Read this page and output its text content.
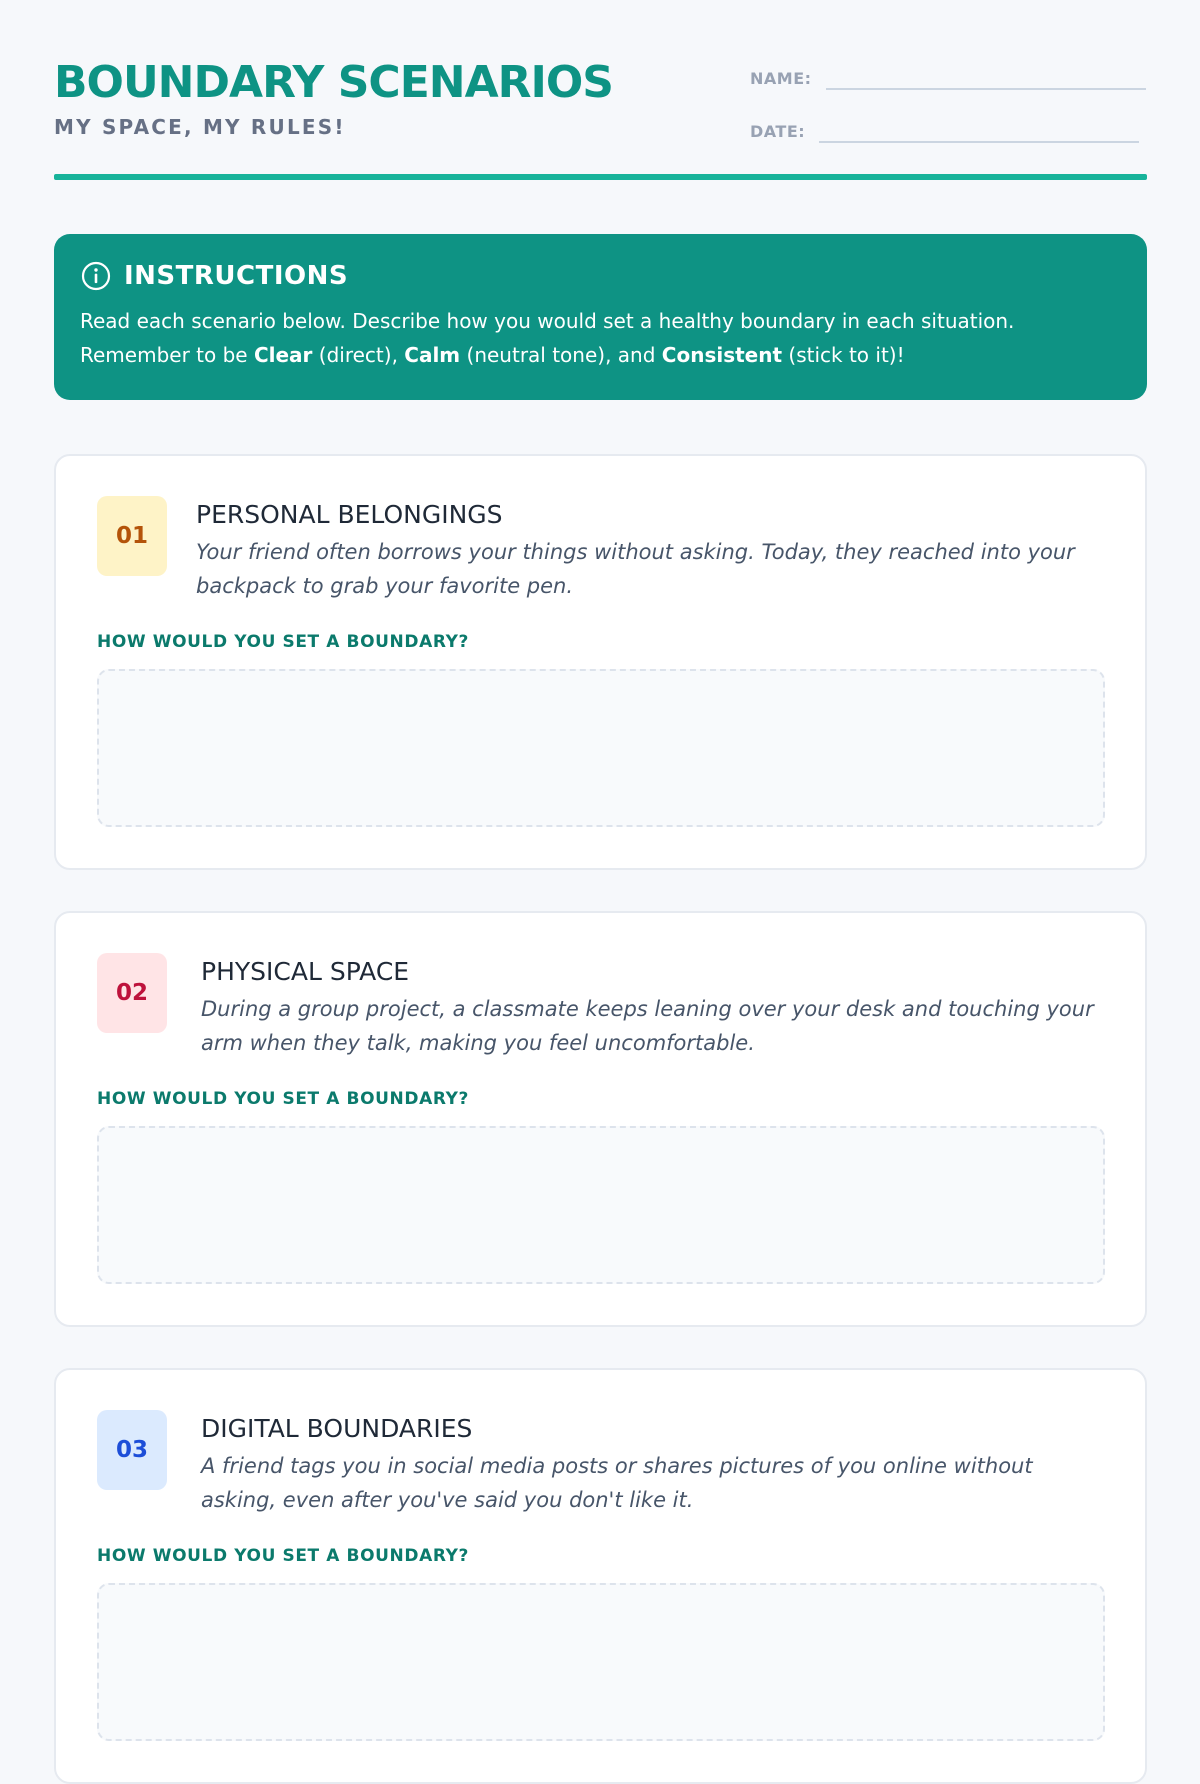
BOUNDARY SCENARIOS
MY SPACE, MY RULES!
NAME:
DATE:
INSTRUCTIONS
Read each scenario below. Describe how you would set a healthy boundary in each situation.
Remember to be Clear (direct), Calm (neutral tone), and Consistent (stick to it)!
01
PERSONAL BELONGINGS
Your friend often borrows your things without asking. Today, they reached into your backpack to grab your favorite pen.
HOW WOULD YOU SET A BOUNDARY?
02
PHYSICAL SPACE
During a group project, a classmate keeps leaning over your desk and touching your arm when they talk, making you feel uncomfortable.
HOW WOULD YOU SET A BOUNDARY?
03
DIGITAL BOUNDARIES
A friend tags you in social media posts or shares pictures of you online without asking, even after you've said you don't like it.
HOW WOULD YOU SET A BOUNDARY?
